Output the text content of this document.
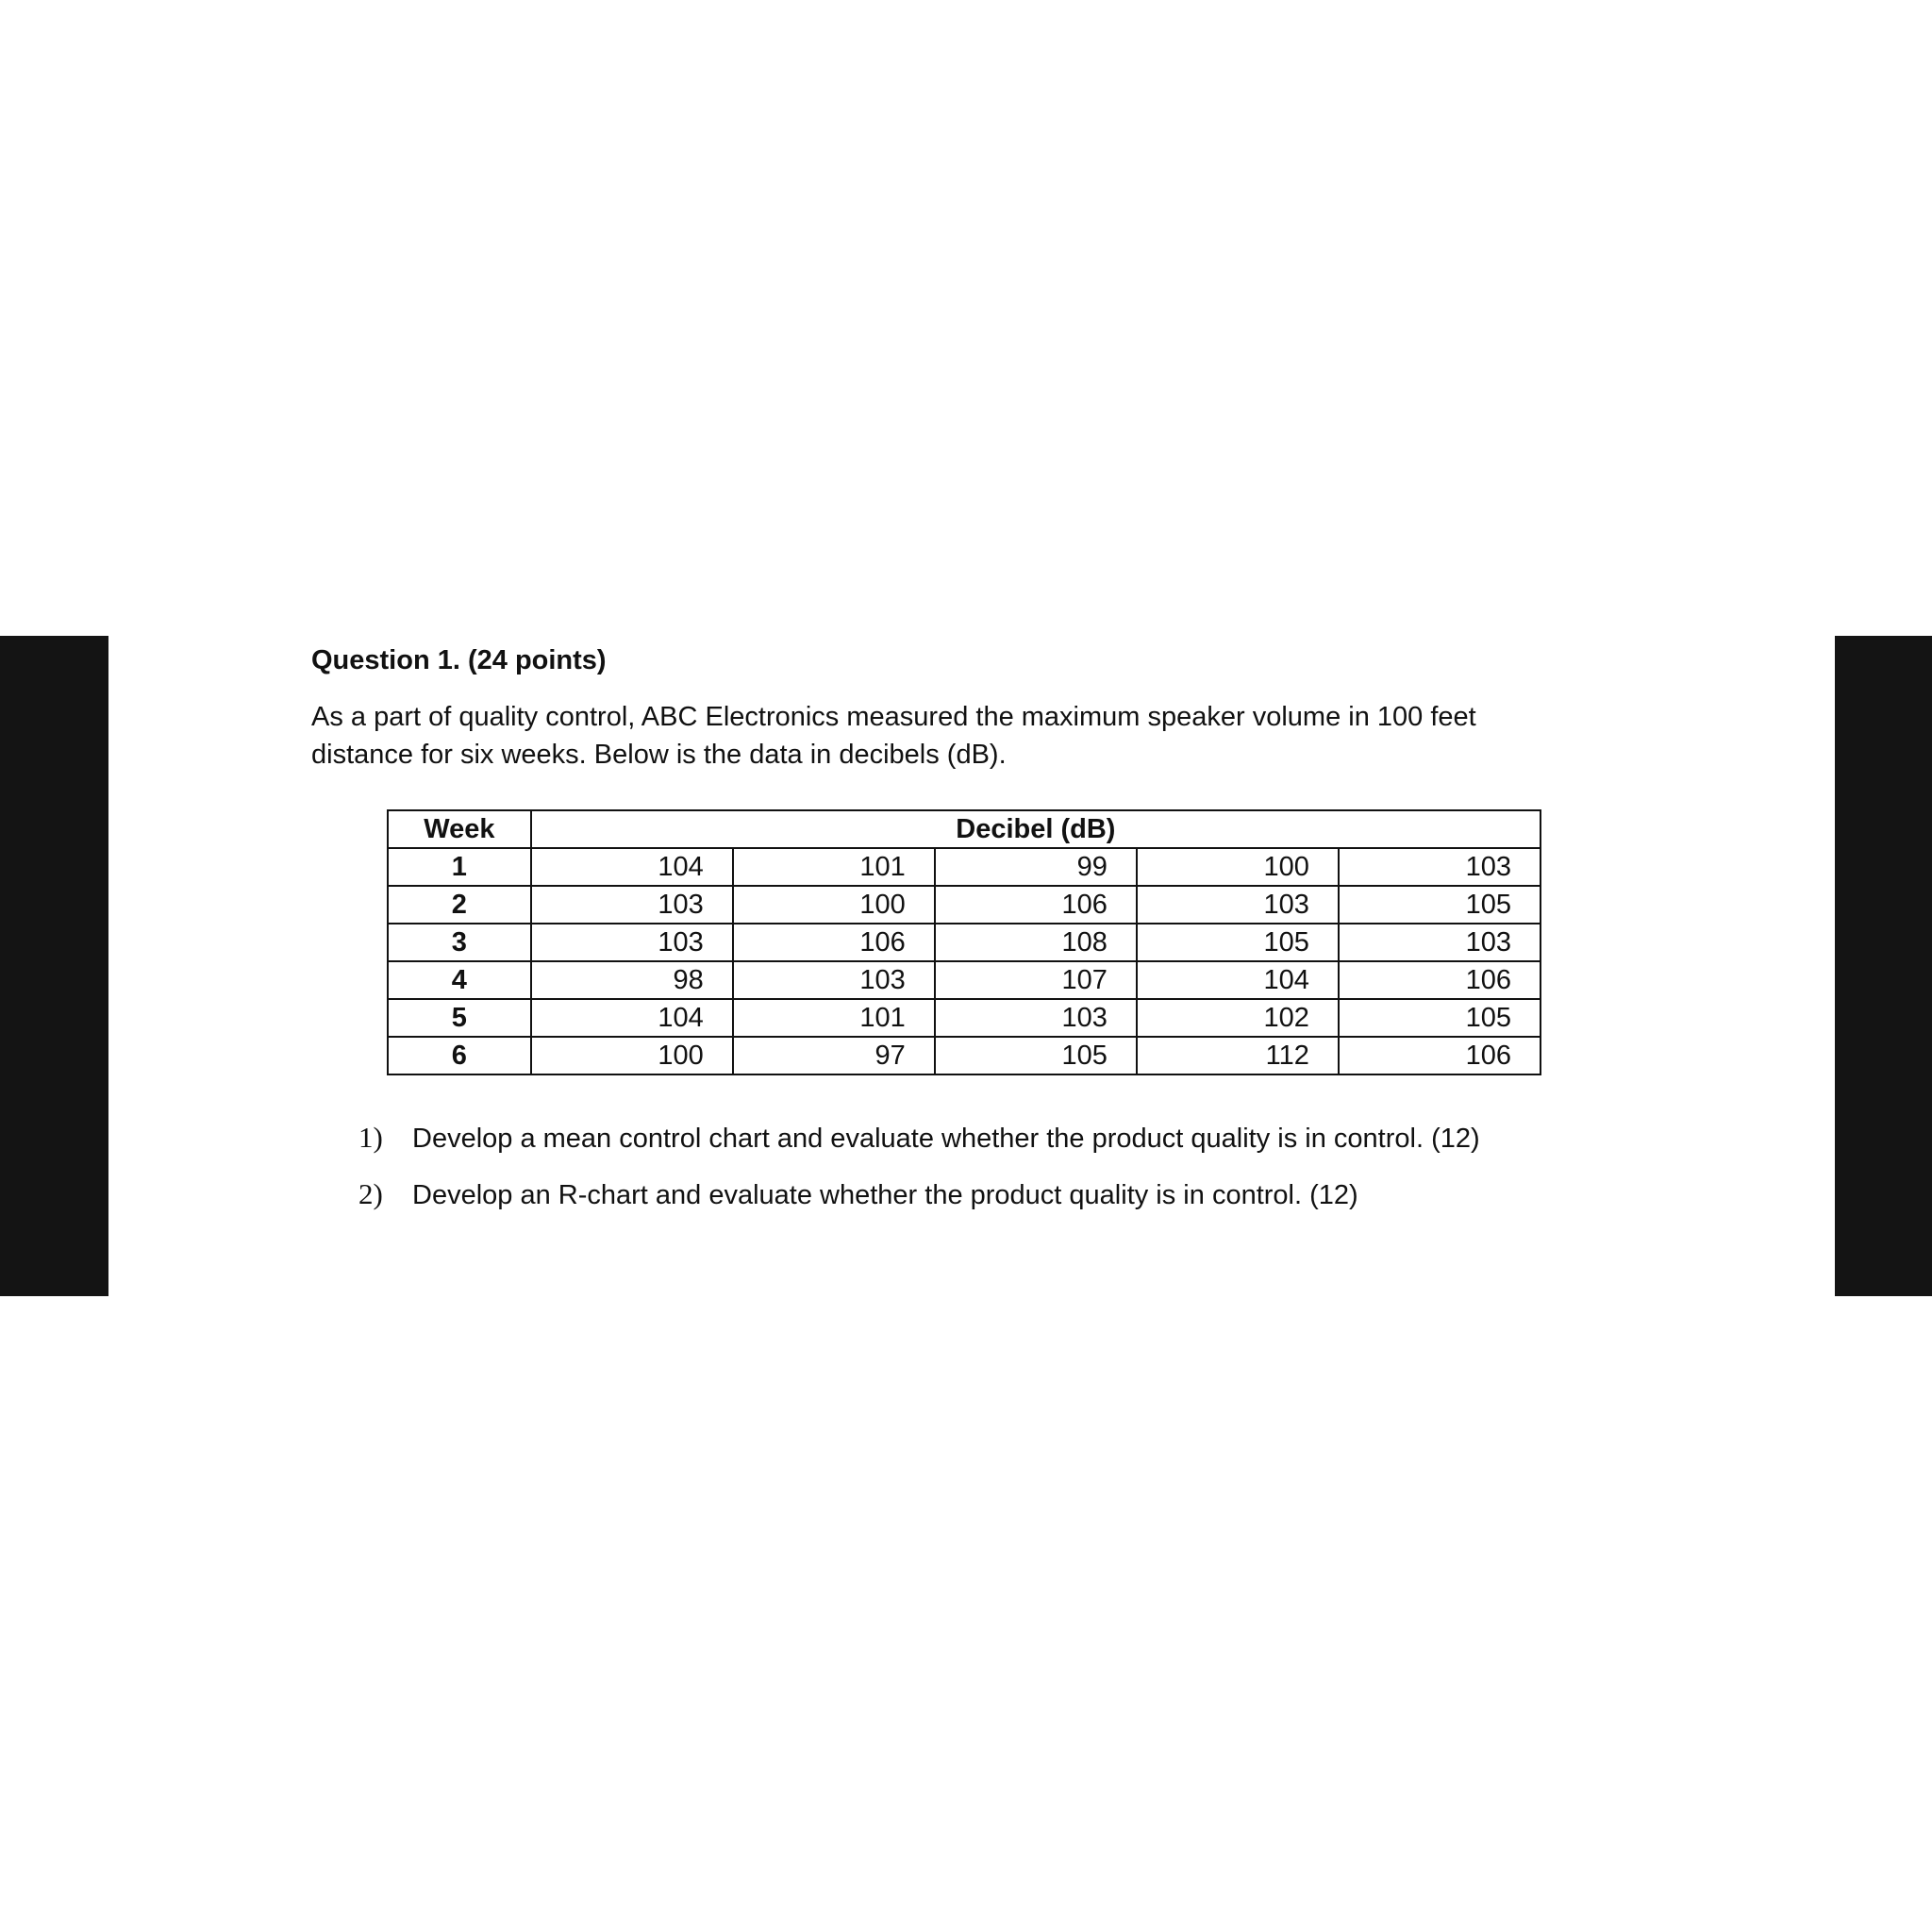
Question 1. (24 points)
As a part of quality control, ABC Electronics measured the maximum speaker volume in 100 feet distance for six weeks. Below is the data in decibels (dB).
Week	Decibel (dB)				
1	104	101	99	100	103
2	103	100	106	103	105
3	103	106	108	105	103
4	98	103	107	104	106
5	104	101	103	102	105
6	100	97	105	112	106
1)	Develop a mean control chart and evaluate whether the product quality is in control. (12)
2)	Develop an R-chart and evaluate whether the product quality is in control. (12)
